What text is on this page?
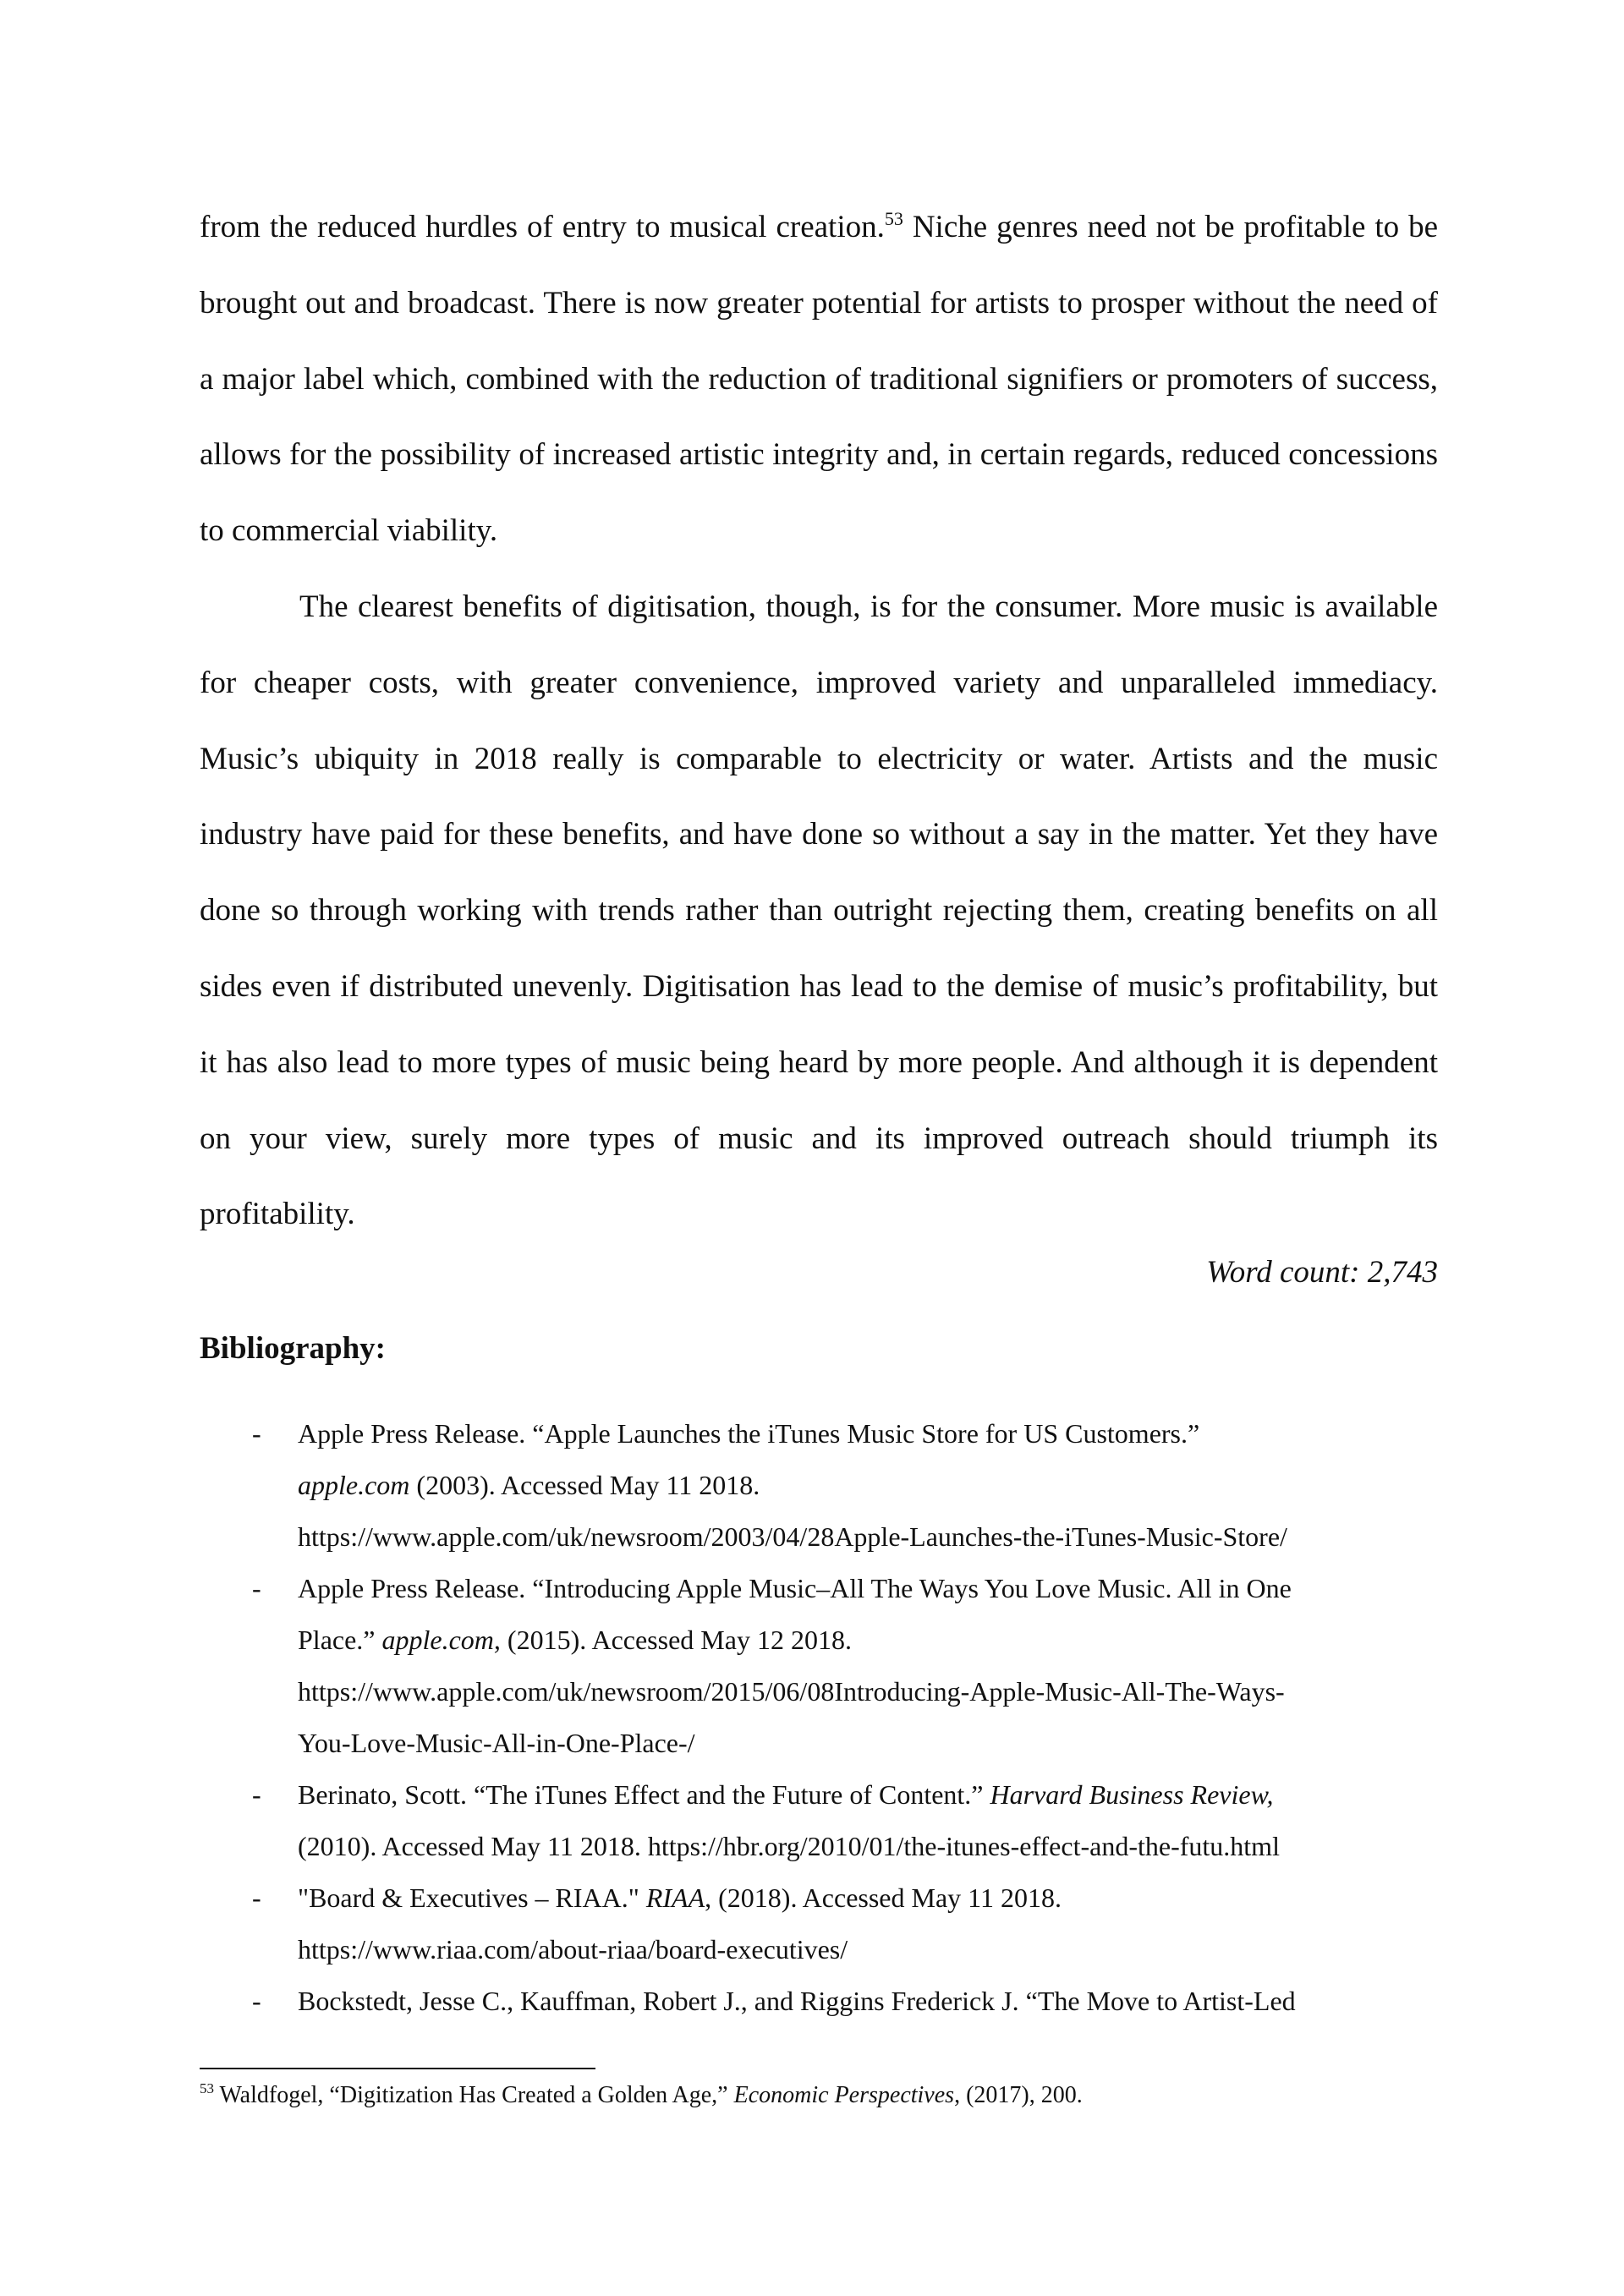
from the reduced hurdles of entry to musical creation.$^{53}$ Niche genres need not be profitable to be brought out and broadcast. There is now greater potential for artists to prosper without the need of a major label which, combined with the reduction of traditional signifiers or promoters of success, allows for the possibility of increased artistic integrity and, in certain regards, reduced concessions to commercial viability.

The clearest benefits of digitisation, though, is for the consumer. More music is available for cheaper costs, with greater convenience, improved variety and unparalleled immediacy. Music’s ubiquity in 2018 really is comparable to electricity or water. Artists and the music industry have paid for these benefits, and have done so without a say in the matter. Yet they have done so through working with trends rather than outright rejecting them, creating benefits on all sides even if distributed unevenly. Digitisation has lead to the demise of music’s profitability, but it has also lead to more types of music being heard by more people. And although it is dependent on your view, surely more types of music and its improved outreach should triumph its profitability.

Word count: 2,743

Bibliography:
- Apple Press Release. “Apple Launches the iTunes Music Store for US Customers.”
apple.com (2003). Accessed May 11 2018.
https://www.apple.com/uk/newsroom/2003/04/28Apple-Launches-the-iTunes-Music-Store/
- Apple Press Release. “Introducing Apple Music–All The Ways You Love Music. All in One
Place.” apple.com, (2015). Accessed May 12 2018.
https://www.apple.com/uk/newsroom/2015/06/08Introducing-Apple-Music-All-The-Ways-
You-Love-Music-All-in-One-Place-/
- Berinato, Scott. “The iTunes Effect and the Future of Content.” Harvard Business Review,
(2010). Accessed May 11 2018. https://hbr.org/2010/01/the-itunes-effect-and-the-futu.html
- "Board & Executives – RIAA." RIAA, (2018). Accessed May 11 2018.
https://www.riaa.com/about-riaa/board-executives/
- Bockstedt, Jesse C., Kauffman, Robert J., and Riggins Frederick J. “The Move to Artist-Led

$^{53}$ Waldfogel, “Digitization Has Created a Golden Age,” Economic Perspectives, (2017), 200.
